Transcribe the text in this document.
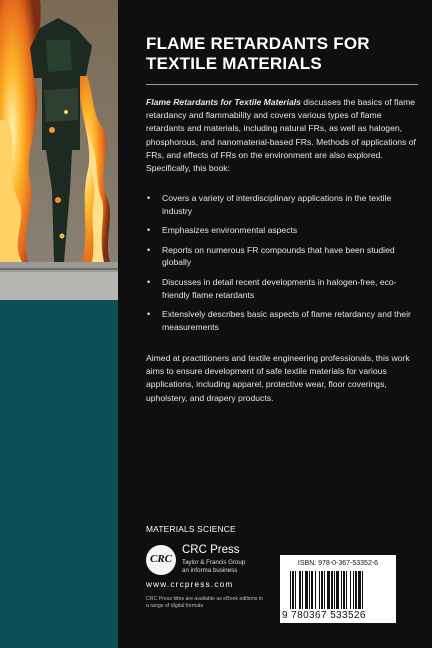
FLAME RETARDANTS FOR
TEXTILE MATERIALS

Flame Retardants for Textile Materials discusses the basics of flame retardancy and flammability and covers various types of flame retardants and materials, including natural FRs, as well as halogen, phosphorous, and nanomaterial-based FRs. Methods of applications of FRs, and effects of FRs on the environment are also explored. Specifically, this book:

• Covers a variety of interdisciplinary applications in the textile industry
• Emphasizes environmental aspects
• Reports on numerous FR compounds that have been studied globally
• Discusses in detail recent developments in halogen-free, eco-friendly flame retardants
• Extensively describes basic aspects of flame retardancy and their measurements

Aimed at practitioners and textile engineering professionals, this work aims to ensure development of safe textile materials for various applications, including apparel, protective wear, floor coverings, upholstery, and drapery products.

MATERIALS SCIENCE

CRC

CRC Press

Taylor & Francis Group
an informa business

www.crcpress.com

CRC Press titles are available as eBook editions in a range of digital formats

ISBN: 978-0-367-53352-6

9 780367 533526
